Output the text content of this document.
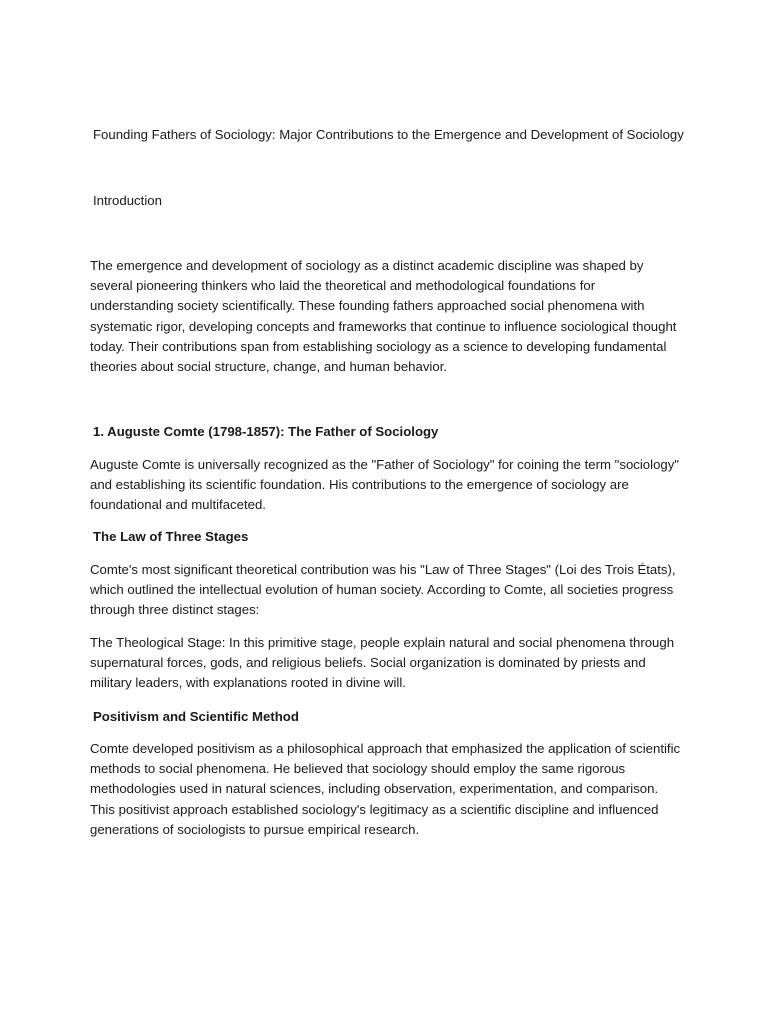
Founding Fathers of Sociology: Major Contributions to the Emergence and Development of Sociology

Introduction

The emergence and development of sociology as a distinct academic discipline was shaped by several pioneering thinkers who laid the theoretical and methodological foundations for understanding society scientifically. These founding fathers approached social phenomena with systematic rigor, developing concepts and frameworks that continue to influence sociological thought today. Their contributions span from establishing sociology as a science to developing fundamental theories about social structure, change, and human behavior.

1. Auguste Comte (1798-1857): The Father of Sociology

Auguste Comte is universally recognized as the "Father of Sociology" for coining the term "sociology" and establishing its scientific foundation. His contributions to the emergence of sociology are foundational and multifaceted.

The Law of Three Stages

Comte's most significant theoretical contribution was his "Law of Three Stages" (Loi des Trois États), which outlined the intellectual evolution of human society. According to Comte, all societies progress through three distinct stages:

The Theological Stage: In this primitive stage, people explain natural and social phenomena through supernatural forces, gods, and religious beliefs. Social organization is dominated by priests and military leaders, with explanations rooted in divine will.

Positivism and Scientific Method

Comte developed positivism as a philosophical approach that emphasized the application of scientific methods to social phenomena. He believed that sociology should employ the same rigorous methodologies used in natural sciences, including observation, experimentation, and comparison. This positivist approach established sociology's legitimacy as a scientific discipline and influenced generations of sociologists to pursue empirical research.
